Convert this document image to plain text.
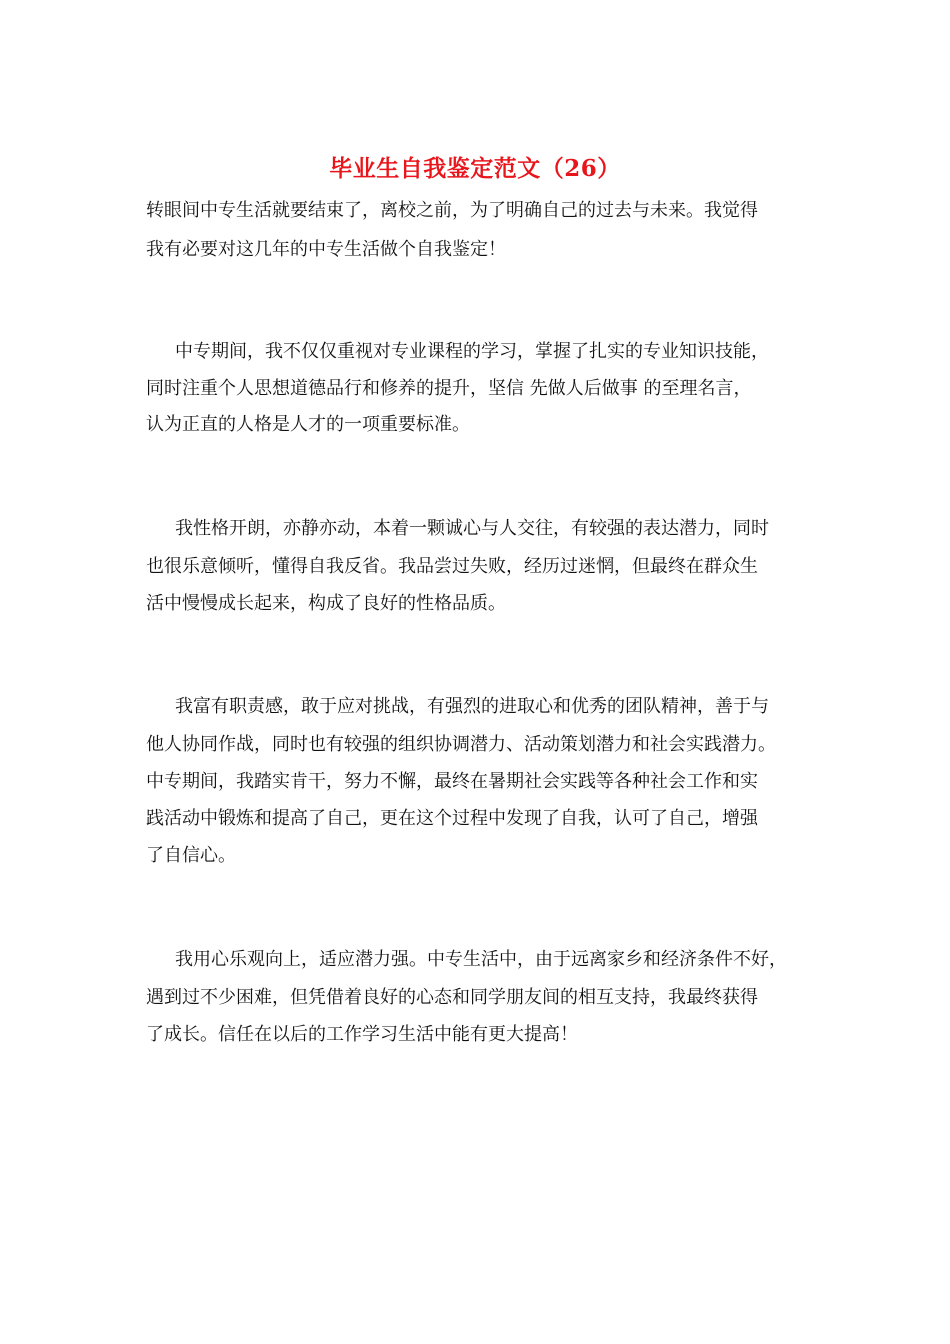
毕业生自我鉴定范文（26）

转眼间中专生活就要结束了，离校之前，为了明确自己的过去与未来。我觉得

我有必要对这几年的中专生活做个自我鉴定！

中专期间，我不仅仅重视对专业课程的学习，掌握了扎实的专业知识技能，

同时注重个人思想道德品行和修养的提升，坚信 先做人后做事 的至理名言，

认为正直的人格是人才的一项重要标准。

我性格开朗，亦静亦动，本着一颗诚心与人交往，有较强的表达潜力，同时

也很乐意倾听，懂得自我反省。我品尝过失败，经历过迷惘，但最终在群众生

活中慢慢成长起来，构成了良好的性格品质。

我富有职责感，敢于应对挑战，有强烈的进取心和优秀的团队精神，善于与

他人协同作战，同时也有较强的组织协调潜力、活动策划潜力和社会实践潜力。

中专期间，我踏实肯干，努力不懈，最终在暑期社会实践等各种社会工作和实

践活动中锻炼和提高了自己，更在这个过程中发现了自我，认可了自己，增强

了自信心。

我用心乐观向上，适应潜力强。中专生活中，由于远离家乡和经济条件不好，

遇到过不少困难，但凭借着良好的心态和同学朋友间的相互支持，我最终获得

了成长。信任在以后的工作学习生活中能有更大提高！
